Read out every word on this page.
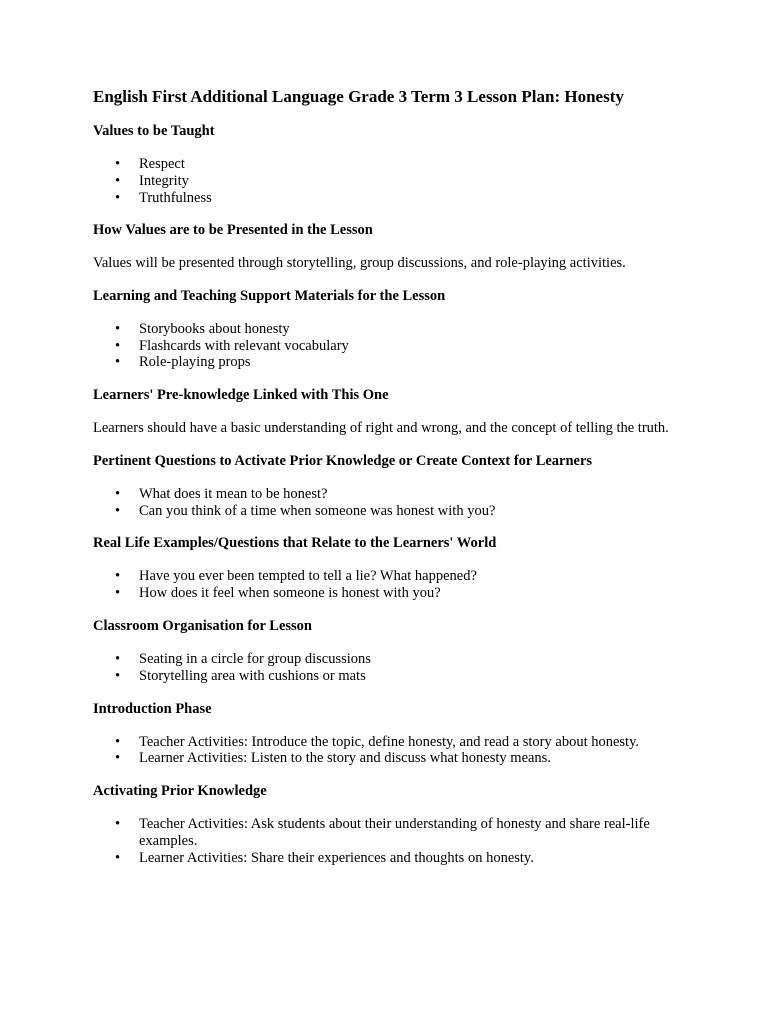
English First Additional Language Grade 3 Term 3 Lesson Plan: Honesty
Values to be Taught
• Respect
• Integrity
• Truthfulness
How Values are to be Presented in the Lesson

Values will be presented through storytelling, group discussions, and role-playing activities.

Learning and Teaching Support Materials for the Lesson
• Storybooks about honesty
• Flashcards with relevant vocabulary
• Role-playing props
Learners' Pre-knowledge Linked with This One

Learners should have a basic understanding of right and wrong, and the concept of telling the truth.

Pertinent Questions to Activate Prior Knowledge or Create Context for Learners
• What does it mean to be honest?
• Can you think of a time when someone was honest with you?
Real Life Examples/Questions that Relate to the Learners' World
• Have you ever been tempted to tell a lie? What happened?
• How does it feel when someone is honest with you?
Classroom Organisation for Lesson
• Seating in a circle for group discussions
• Storytelling area with cushions or mats
Introduction Phase
• Teacher Activities: Introduce the topic, define honesty, and read a story about honesty.
• Learner Activities: Listen to the story and discuss what honesty means.
Activating Prior Knowledge
• Teacher Activities: Ask students about their understanding of honesty and share real-life examples.
• Learner Activities: Share their experiences and thoughts on honesty.
